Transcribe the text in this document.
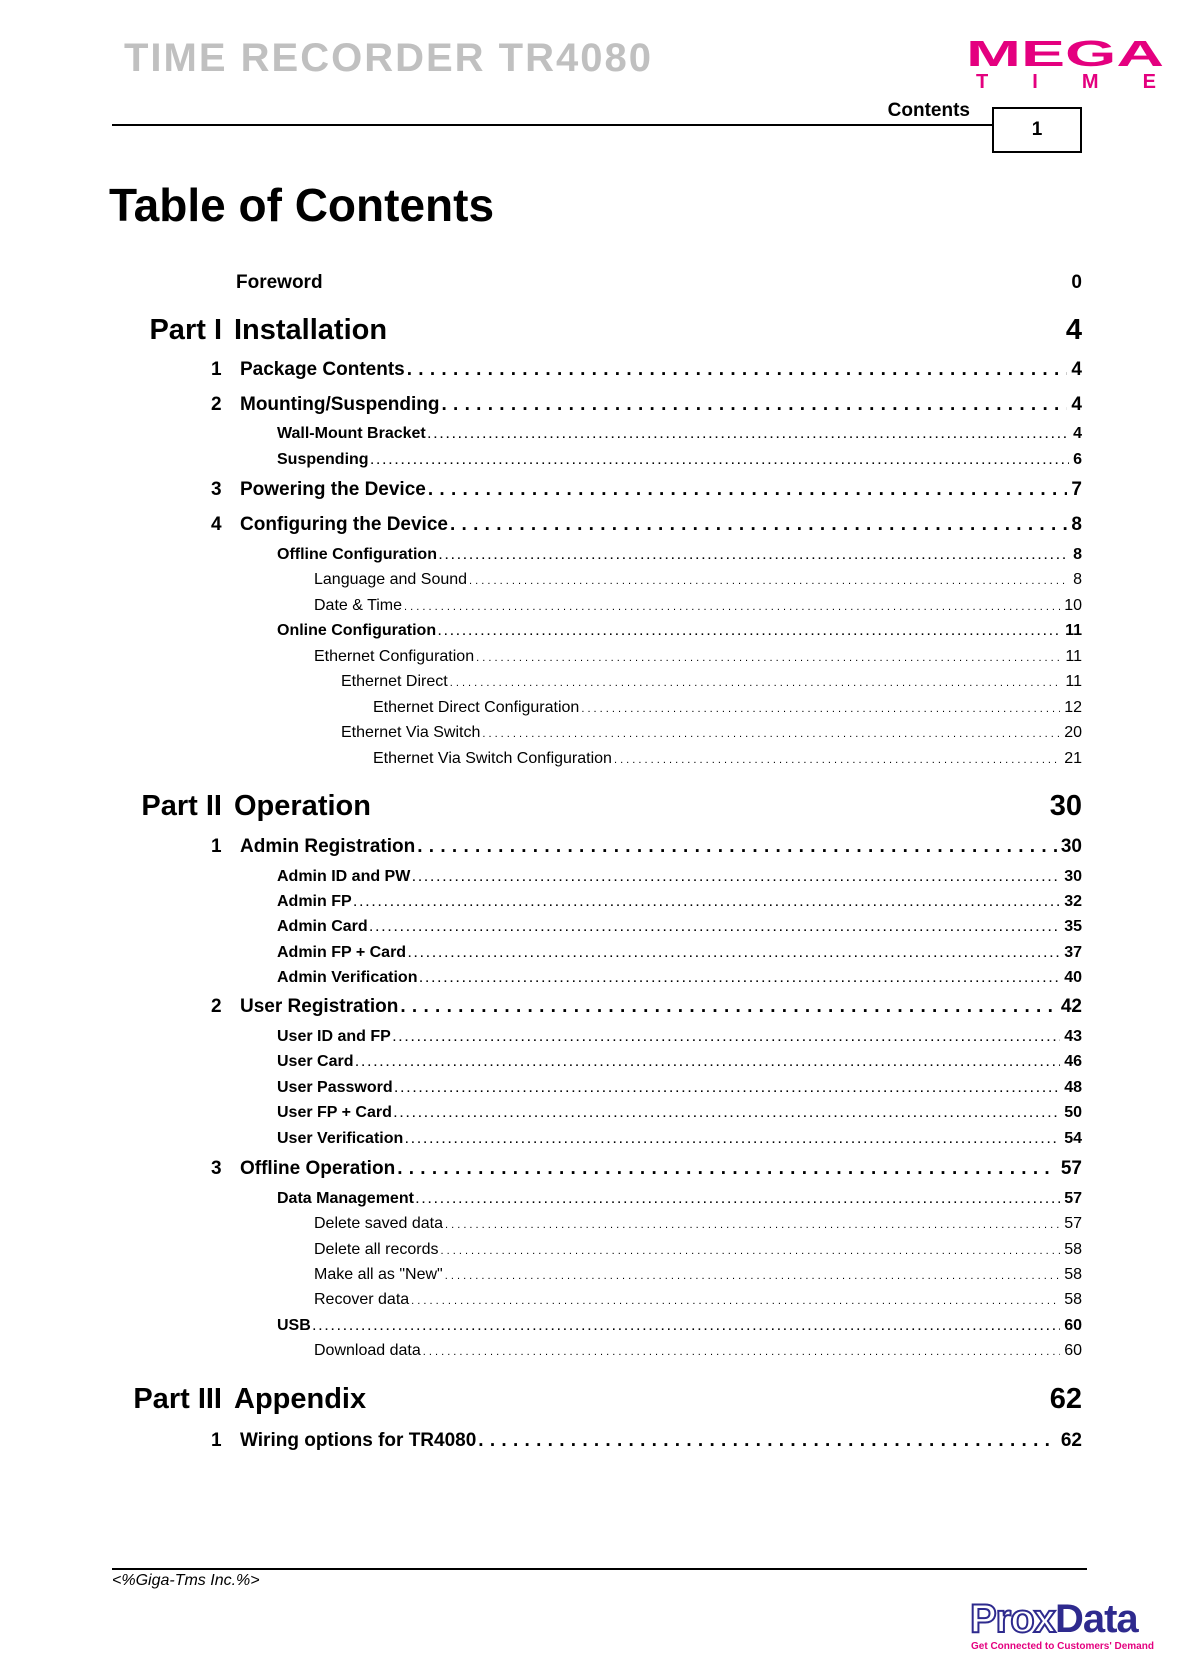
TIME RECORDER TR4080	MEGA
TIME
Contents
1
Table of Contents
Foreword	0
Part I Installation	4
1 Package Contents . . .	4
2 Mounting/Suspending . . .	4
Wall-Mount Bracket . . .	4
Suspending . . .	6
3 Powering the Device . . .	7
4 Configuring the Device . . .	8
Offline Configuration . . .	8
Language and Sound . . .	8
Date & Time . . .	10
Online Configuration . . .	11
Ethernet Configuration . . .	11
Ethernet Direct . . .	11
Ethernet Direct Configuration . . .	12
Ethernet Via Switch . . .	20
Ethernet Via Switch Configuration . . .	21
Part II Operation	30
1 Admin Registration . . .	30
Admin ID and PW . . .	30
Admin FP . . .	32
Admin Card . . .	35
Admin FP + Card . . .	37
Admin Verification . . .	40
2 User Registration . . .	42
User ID and FP . . .	43
User Card . . .	46
User Password . . .	48
User FP + Card . . .	50
User Verification . . .	54
3 Offline Operation . . .	57
Data Management . . .	57
Delete saved data . . .	57
Delete all records . . .	58
Make all as "New" . . .	58
Recover data . . .	58
USB . . .	60
Download data . . .	60
Part III Appendix	62
1 Wiring options for TR4080 . . .	62
<%Giga-Tms Inc.%>
ProxData
Get Connected to Customers' Demand
